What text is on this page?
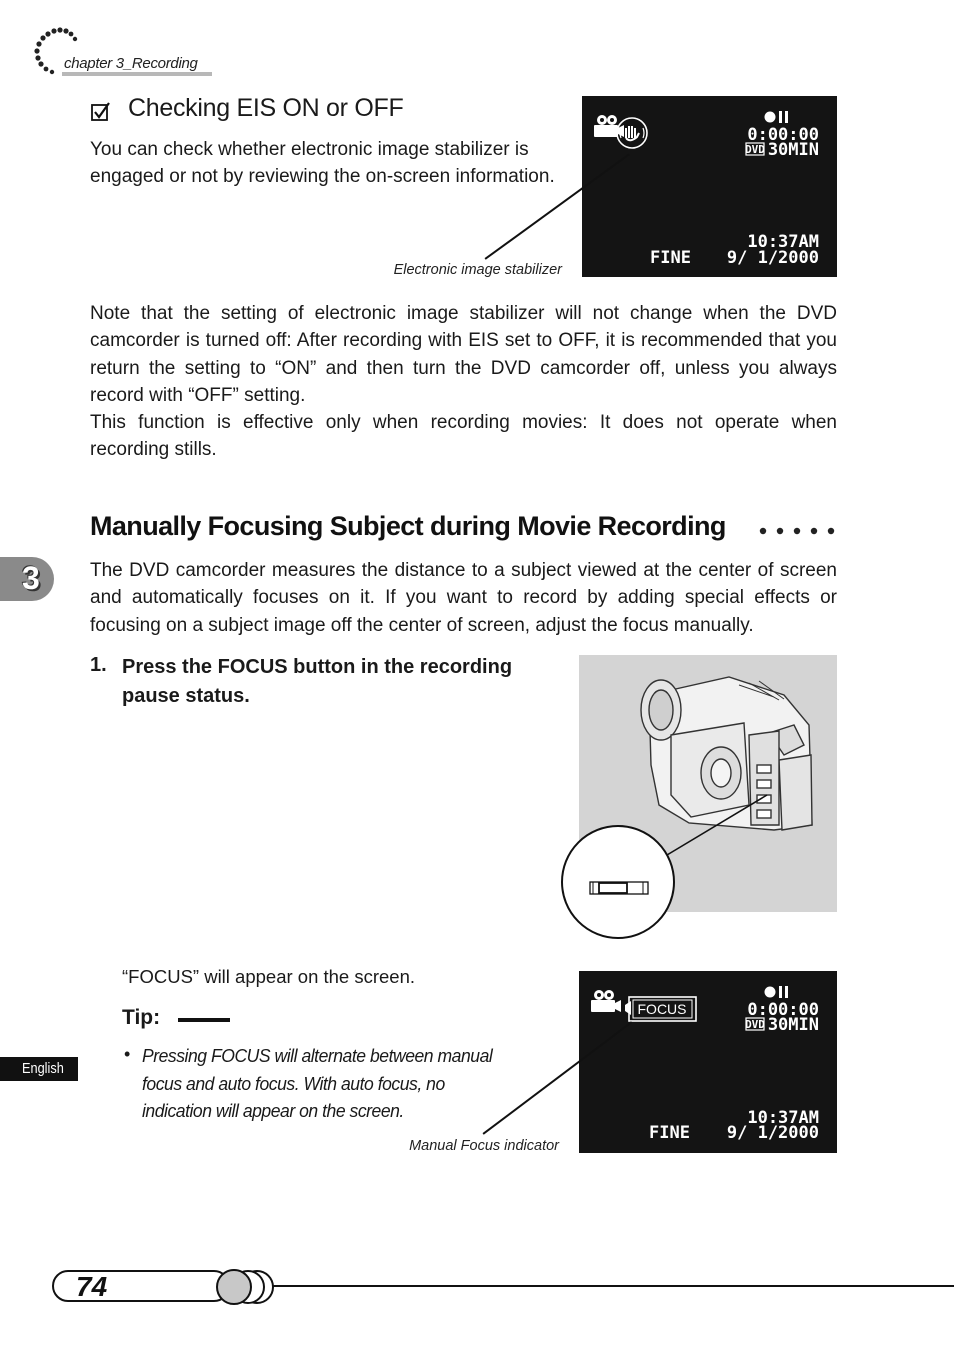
chapter 3_Recording
Checking EIS ON or OFF

You can check whether electronic image stabilizer is engaged or not by reviewing the on-screen information.

0:00:00
DVD 30MIN
10:37AM
FINE 9/ 1/2000
Electronic image stabilizer

Note that the setting of electronic image stabilizer will not change when the DVD camcorder is turned off: After recording with EIS set to OFF, it is recommended that you return the setting to “ON” and then turn the DVD camcorder off, unless you always record with “OFF” setting.

This function is effective only when recording movies: It does not operate when recording stills.

Manually Focusing Subject during Movie Recording

The DVD camcorder measures the distance to a subject viewed at the center of screen and automatically focuses on it. If you want to record by adding special effects or focusing on a subject image off the center of screen, adjust the focus manually.

1. Press the FOCUS button in the recording pause status.
“FOCUS” will appear on the screen.
Tip:
• Pressing FOCUS will alternate between manual focus and auto focus. With auto focus, no indication will appear on the screen.

FOCUS	0:00:00
DVD 30MIN
10:37AM
FINE 9/ 1/2000
Manual Focus indicator
3
English
74
